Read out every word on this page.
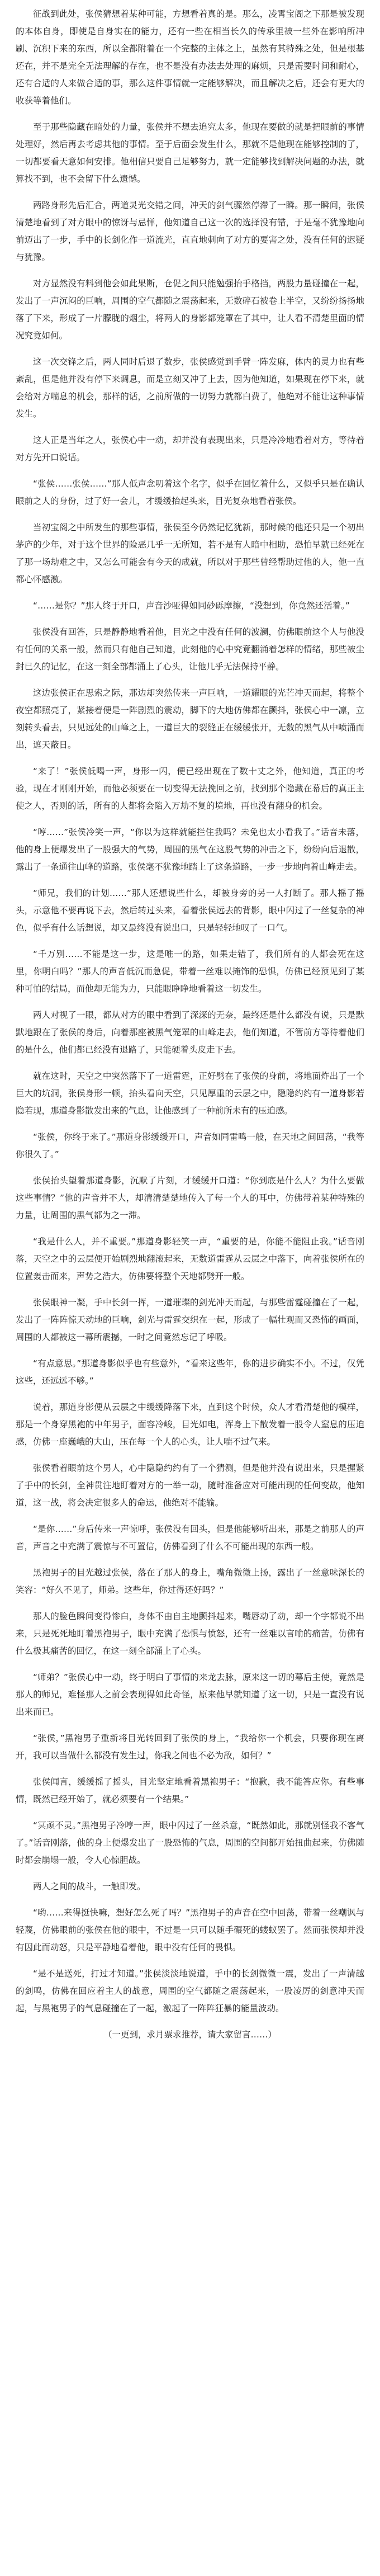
征战到此处，张侯猜想着某种可能，方想看着真的是。那么，凌霄宝阁之下那是被发现的本体自身，即使是自身实在的能力，还有一些在相当长久的传承里被一些外在影响所冲刷、沉积下来的东西，所以全都附着在一个完整的主体之上，虽然有其特殊之处，但是根基还在，并不是完全无法理解的存在，也不是没有办法去处理的麻烦，只是需要时间和耐心，还有合适的人来做合适的事，那么这件事情就一定能够解决，而且解决之后，还会有更大的收获等着他们。

至于那些隐藏在暗处的力量，张侯并不想去追究太多，他现在要做的就是把眼前的事情处理好，然后再去考虑其他的事情。至于后面会发生什么，那就不是他现在能够控制的了，一切都要看天意如何安排。他相信只要自己足够努力，就一定能够找到解决问题的办法，就算找不到，也不会留下什么遗憾。

两路身形先后汇合，两道灵光交错之间，冲天的剑气骤然停滞了一瞬。那一瞬间，张侯清楚地看到了对方眼中的惊讶与忌惮，他知道自己这一次的选择没有错，于是毫不犹豫地向前迈出了一步，手中的长剑化作一道流光，直直地刺向了对方的要害之处，没有任何的迟疑与犹豫。

对方显然没有料到他会如此果断，仓促之间只能勉强抬手格挡，两股力量碰撞在一起，发出了一声沉闷的巨响，周围的空气都随之震荡起来，无数碎石被卷上半空，又纷纷扬扬地落了下来，形成了一片朦胧的烟尘，将两人的身影都笼罩在了其中，让人看不清楚里面的情况究竟如何。

这一次交锋之后，两人同时后退了数步，张侯感觉到手臂一阵发麻，体内的灵力也有些紊乱，但是他并没有停下来调息，而是立刻又冲了上去，因为他知道，如果现在停下来，就会给对方喘息的机会，那样的话，之前所做的一切努力就都白费了，他绝对不能让这种事情发生。

这人正是当年之人，张侯心中一动，却并没有表现出来，只是冷冷地看着对方，等待着对方先开口说话。

“张侯……张侯……”那人低声念叨着这个名字，似乎在回忆着什么，又似乎只是在确认眼前之人的身份，过了好一会儿，才缓缓抬起头来，目光复杂地看着张侯。

当初宝阁之中所发生的那些事情，张侯至今仍然记忆犹新，那时候的他还只是一个初出茅庐的少年，对于这个世界的险恶几乎一无所知，若不是有人暗中相助，恐怕早就已经死在了那一场劫难之中，又怎么可能会有今天的成就，所以对于那些曾经帮助过他的人，他一直都心怀感激。

“……是你？”那人终于开口，声音沙哑得如同砂砾摩擦，“没想到，你竟然还活着。”

张侯没有回答，只是静静地看着他，目光之中没有任何的波澜，仿佛眼前这个人与他没有任何的关系一般，然而只有他自己知道，此刻他的心中究竟翻涌着怎样的情绪，那些被尘封已久的记忆，在这一刻全部都涌上了心头，让他几乎无法保持平静。

这边张侯正在思索之际，那边却突然传来一声巨响，一道耀眼的光芒冲天而起，将整个夜空都照亮了，紧接着便是一阵剧烈的震动，脚下的大地仿佛都在颤抖，张侯心中一凛，立刻转头看去，只见远处的山峰之上，一道巨大的裂缝正在缓缓张开，无数的黑气从中喷涌而出，遮天蔽日。

“来了！”张侯低喝一声，身形一闪，便已经出现在了数十丈之外，他知道，真正的考验，现在才刚刚开始，而他必须要在一切变得无法挽回之前，找到那个隐藏在幕后的真正主使之人，否则的话，所有的人都将会陷入万劫不复的境地，再也没有翻身的机会。

“哼……”张侯冷笑一声，“你以为这样就能拦住我吗？未免也太小看我了。”话音未落，他的身上便爆发出了一股强大的气势，周围的黑气在这股气势的冲击之下，纷纷向后退散，露出了一条通往山峰的道路，张侯毫不犹豫地踏上了这条道路，一步一步地向着山峰走去。

“师兄，我们的计划……”那人还想说些什么，却被身旁的另一人打断了。那人摇了摇头，示意他不要再说下去，然后转过头来，看着张侯远去的背影，眼中闪过了一丝复杂的神色，似乎有什么话想说，却又最终没有说出口，只是轻轻地叹了一口气。

“千万别……不能是这一步，这是唯一的路，如果走错了，我们所有的人都会死在这里，你明白吗？”那人的声音低沉而急促，带着一丝难以掩饰的恐惧，仿佛已经预见到了某种可怕的结局，而他却无能为力，只能眼睁睁地看着这一切发生。

两人对视了一眼，都从对方的眼中看到了深深的无奈，最终还是什么都没有说，只是默默地跟在了张侯的身后，向着那座被黑气笼罩的山峰走去，他们知道，不管前方等待着他们的是什么，他们都已经没有退路了，只能硬着头皮走下去。

就在这时，天空之中突然落下了一道雷霆，正好劈在了张侯的身前，将地面炸出了一个巨大的坑洞，张侯身形一顿，抬头看向天空，只见厚重的云层之中，隐隐约约有一道身影若隐若现，那道身影散发出来的气息，让他感到了一种前所未有的压迫感。

“张侯，你终于来了。”那道身影缓缓开口，声音如同雷鸣一般，在天地之间回荡，“我等你很久了。”

张侯抬头望着那道身影，沉默了片刻，才缓缓开口道：“你到底是什么人？为什么要做这些事情？”他的声音并不大，却清清楚楚地传入了每一个人的耳中，仿佛带着某种特殊的力量，让周围的黑气都为之一滞。

“我是什么人，并不重要。”那道身影轻笑一声，“重要的是，你能不能阻止我。”话音刚落，天空之中的云层便开始剧烈地翻滚起来，无数道雷霆从云层之中落下，向着张侯所在的位置轰击而来，声势之浩大，仿佛要将整个天地都劈开一般。

张侯眼神一凝，手中长剑一挥，一道璀璨的剑光冲天而起，与那些雷霆碰撞在了一起，发出了一阵阵惊天动地的巨响，剑光与雷霆交织在一起，形成了一幅壮观而又恐怖的画面，周围的人都被这一幕所震撼，一时之间竟然忘记了呼吸。

“有点意思。”那道身影似乎也有些意外，“看来这些年，你的进步确实不小。不过，仅凭这些，还远远不够。”

说着，那道身影便从云层之中缓缓降落下来，直到这个时候，众人才看清楚他的模样，那是一个身穿黑袍的中年男子，面容冷峻，目光如电，浑身上下散发着一股令人窒息的压迫感，仿佛一座巍峨的大山，压在每一个人的心头，让人喘不过气来。

张侯看着眼前这个男人，心中隐隐约约有了一个猜测，但是他并没有说出来，只是握紧了手中的长剑，全神贯注地盯着对方的一举一动，随时准备应对可能出现的任何变故，他知道，这一战，将会决定很多人的命运，他绝对不能输。

“是你……”身后传来一声惊呼，张侯没有回头，但是他能够听出来，那是之前那人的声音，声音之中充满了震惊与不可置信，仿佛看到了什么不可能出现的东西一般。

黑袍男子的目光越过张侯，落在了那人的身上，嘴角微微上扬，露出了一丝意味深长的笑容：“好久不见了，师弟。这些年，你过得还好吗？”

那人的脸色瞬间变得惨白，身体不由自主地颤抖起来，嘴唇动了动，却一个字都说不出来，只是死死地盯着黑袍男子，眼中充满了恐惧与愤怒，还有一丝难以言喻的痛苦，仿佛有什么极其痛苦的回忆，在这一刻全部涌上了心头。

“师弟？”张侯心中一动，终于明白了事情的来龙去脉，原来这一切的幕后主使，竟然是那人的师兄，难怪那人之前会表现得如此奇怪，原来他早就知道了这一切，只是一直没有说出来而已。

“张侯，”黑袍男子重新将目光转回到了张侯的身上，“我给你一个机会，只要你现在离开，我可以当做什么都没有发生过，你我之间也不必为敌，如何？”

张侯闻言，缓缓摇了摇头，目光坚定地看着黑袍男子：“抱歉，我不能答应你。有些事情，既然已经开始了，就必须要有一个结果。”

“冥顽不灵。”黑袍男子冷哼一声，眼中闪过了一丝杀意，“既然如此，那就别怪我不客气了。”话音刚落，他的身上便爆发出了一股恐怖的气息，周围的空间都开始扭曲起来，仿佛随时都会崩塌一般，令人心惊胆战。

两人之间的战斗，一触即发。

“哟……来得挺快嘛，想好怎么死了吗？”黑袍男子的声音在空中回荡，带着一丝嘲讽与轻蔑，仿佛眼前的张侯在他的眼中，不过是一只可以随手碾死的蝼蚁罢了。然而张侯却并没有因此而动怒，只是平静地看着他，眼中没有任何的畏惧。

“是不是送死，打过才知道。”张侯淡淡地说道，手中的长剑微微一震，发出了一声清越的剑鸣，仿佛在回应着主人的战意，周围的空气都随之震荡起来，一股凌厉的剑意冲天而起，与黑袍男子的气息碰撞在了一起，激起了一阵阵狂暴的能量波动。

（一更到，求月票求推荐，请大家留言……）
